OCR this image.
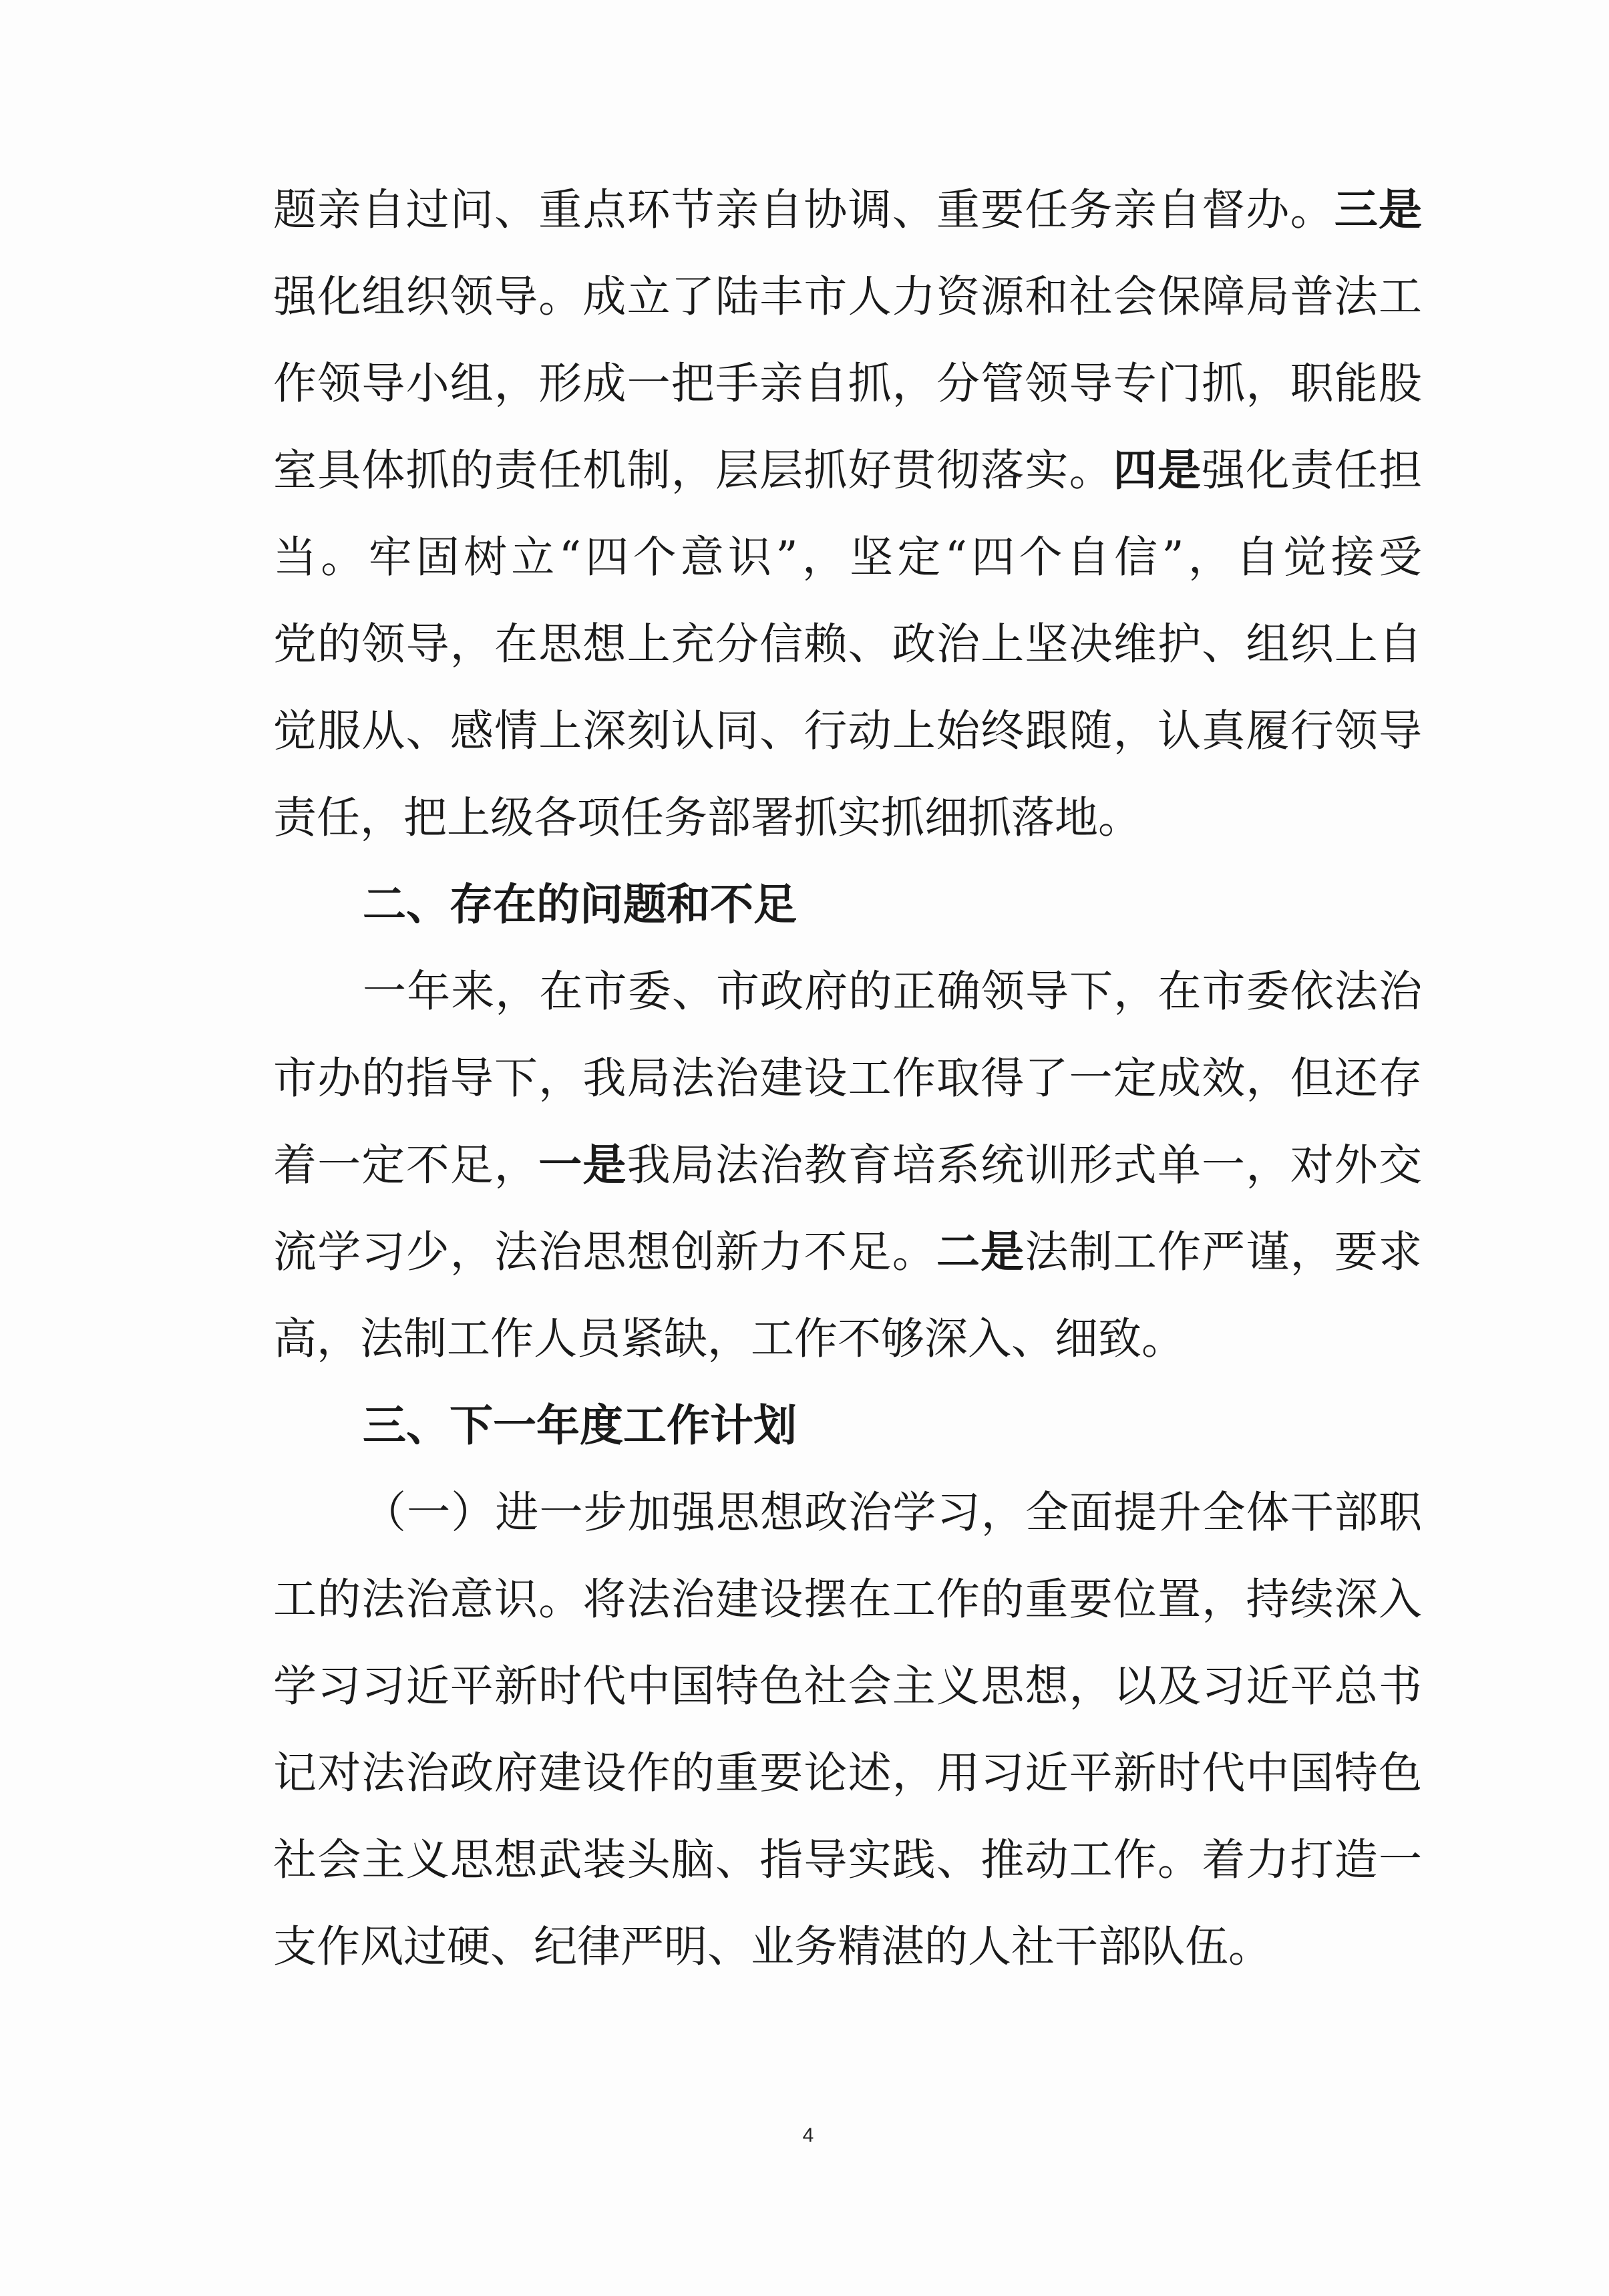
题亲自过问、重点环节亲自协调、重要任务亲自督办。三是
强化组织领导。成立了陆丰市人力资源和社会保障局普法工
作领导小组，形成一把手亲自抓，分管领导专门抓，职能股
室具体抓的责任机制，层层抓好贯彻落实。四是强化责任担
当。牢固树立“四个意识”，坚定“四个自信”，自觉接受
党的领导，在思想上充分信赖、政治上坚决维护、组织上自
觉服从、感情上深刻认同、行动上始终跟随，认真履行领导
责任，把上级各项任务部署抓实抓细抓落地。
二、存在的问题和不足
一年来，在市委、市政府的正确领导下，在市委依法治
市办的指导下，我局法治建设工作取得了一定成效，但还存
着一定不足，一是我局法治教育培系统训形式单一，对外交
流学习少，法治思想创新力不足。二是法制工作严谨，要求
高，法制工作人员紧缺，工作不够深入、细致。
三、下一年度工作计划
（一）进一步加强思想政治学习，全面提升全体干部职
工的法治意识。将法治建设摆在工作的重要位置，持续深入
学习习近平新时代中国特色社会主义思想，以及习近平总书
记对法治政府建设作的重要论述，用习近平新时代中国特色
社会主义思想武装头脑、指导实践、推动工作。着力打造一
支作风过硬、纪律严明、业务精湛的人社干部队伍。
4
